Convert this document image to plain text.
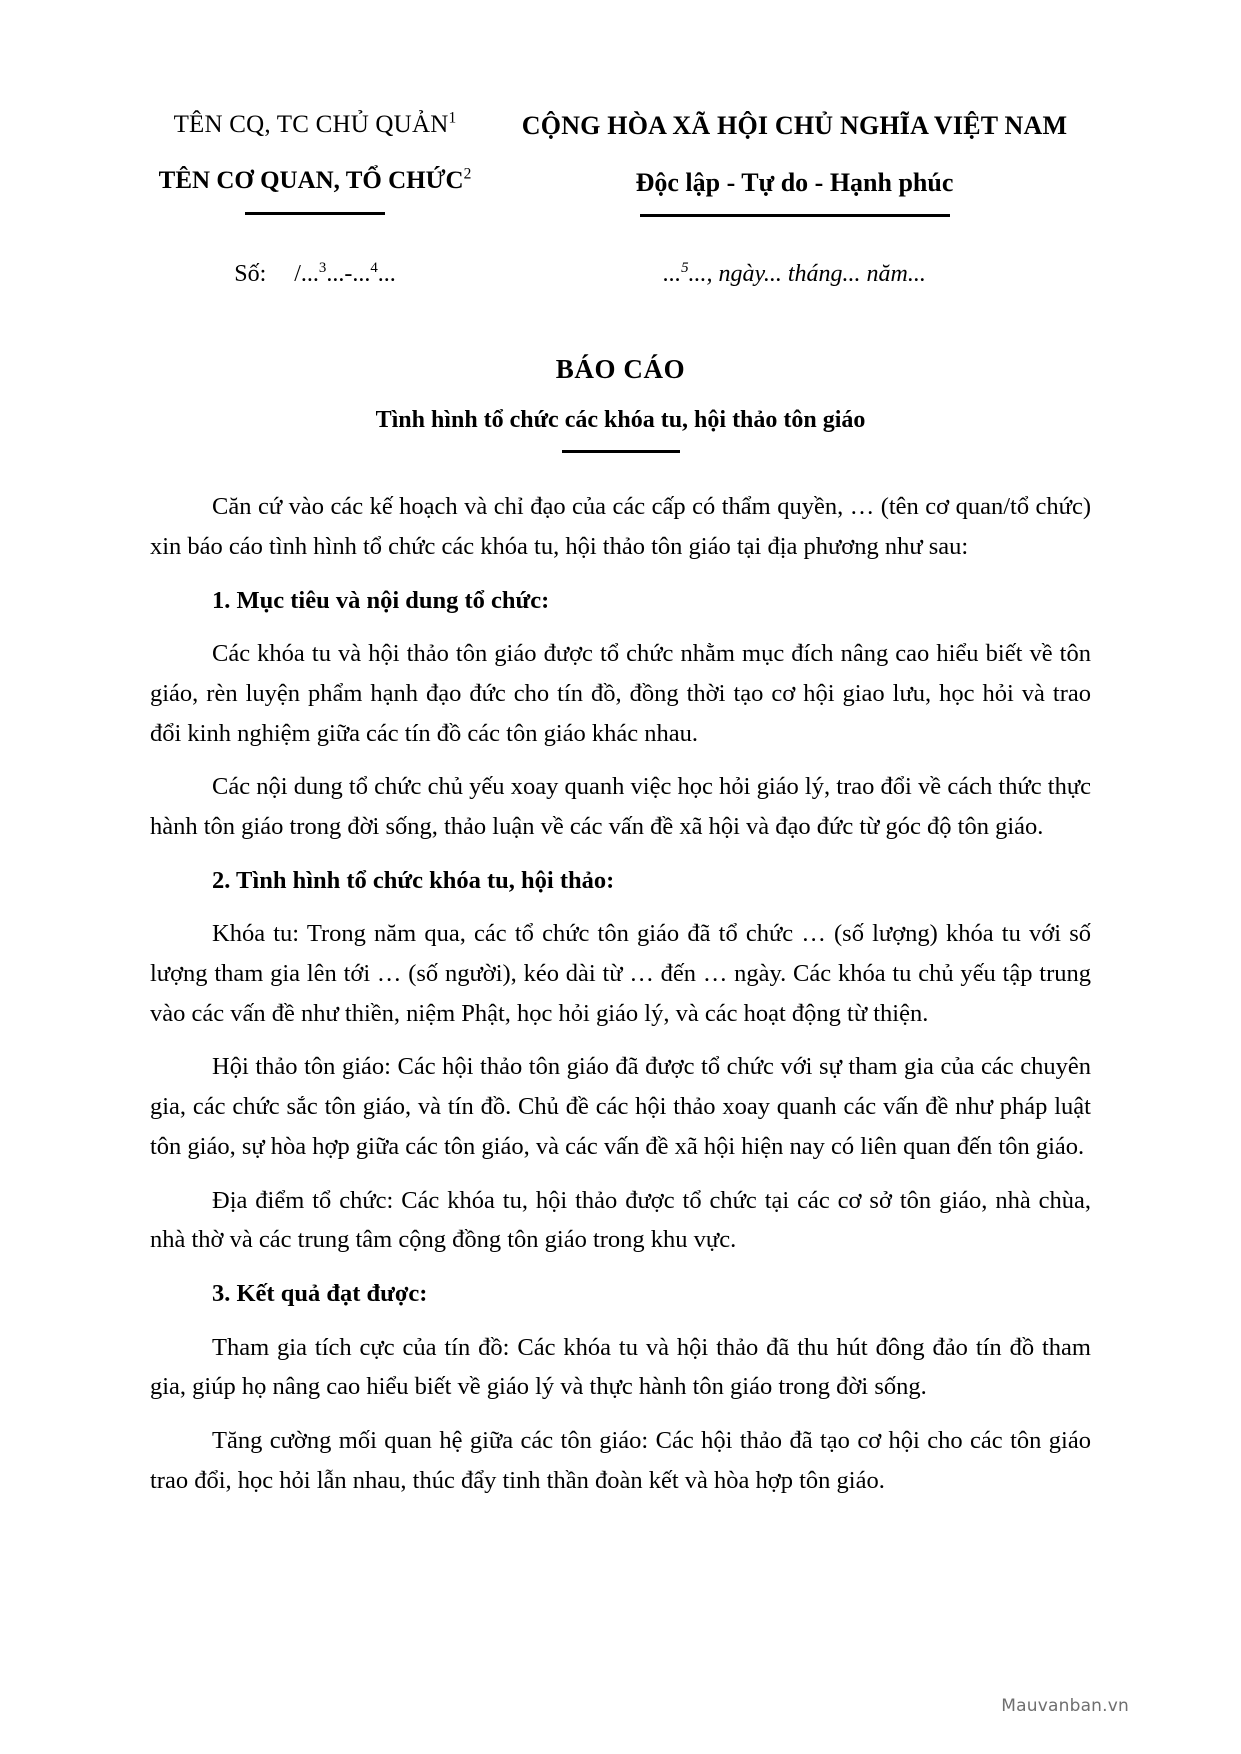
TÊN CQ, TC CHỦ QUẢN$^1$
TÊN CƠ QUAN, TỔ CHỨC$^2$
CỘNG HÒA XÃ HỘI CHỦ NGHĨA VIỆT NAM
Độc lập - Tự do - Hạnh phúc
Số: /...$^3$...-...$^4$...	...$^5$..., ngày... tháng... năm...
BÁO CÁO
Tình hình tổ chức các khóa tu, hội thảo tôn giáo

Căn cứ vào các kế hoạch và chỉ đạo của các cấp có thẩm quyền, … (tên cơ quan/tổ chức) xin báo cáo tình hình tổ chức các khóa tu, hội thảo tôn giáo tại địa phương như sau:

1. Mục tiêu và nội dung tổ chức:

Các khóa tu và hội thảo tôn giáo được tổ chức nhằm mục đích nâng cao hiểu biết về tôn giáo, rèn luyện phẩm hạnh đạo đức cho tín đồ, đồng thời tạo cơ hội giao lưu, học hỏi và trao đổi kinh nghiệm giữa các tín đồ các tôn giáo khác nhau.

Các nội dung tổ chức chủ yếu xoay quanh việc học hỏi giáo lý, trao đổi về cách thức thực hành tôn giáo trong đời sống, thảo luận về các vấn đề xã hội và đạo đức từ góc độ tôn giáo.

2. Tình hình tổ chức khóa tu, hội thảo:

Khóa tu: Trong năm qua, các tổ chức tôn giáo đã tổ chức … (số lượng) khóa tu với số lượng tham gia lên tới … (số người), kéo dài từ … đến … ngày. Các khóa tu chủ yếu tập trung vào các vấn đề như thiền, niệm Phật, học hỏi giáo lý, và các hoạt động từ thiện.

Hội thảo tôn giáo: Các hội thảo tôn giáo đã được tổ chức với sự tham gia của các chuyên gia, các chức sắc tôn giáo, và tín đồ. Chủ đề các hội thảo xoay quanh các vấn đề như pháp luật tôn giáo, sự hòa hợp giữa các tôn giáo, và các vấn đề xã hội hiện nay có liên quan đến tôn giáo.

Địa điểm tổ chức: Các khóa tu, hội thảo được tổ chức tại các cơ sở tôn giáo, nhà chùa, nhà thờ và các trung tâm cộng đồng tôn giáo trong khu vực.

3. Kết quả đạt được:

Tham gia tích cực của tín đồ: Các khóa tu và hội thảo đã thu hút đông đảo tín đồ tham gia, giúp họ nâng cao hiểu biết về giáo lý và thực hành tôn giáo trong đời sống.

Tăng cường mối quan hệ giữa các tôn giáo: Các hội thảo đã tạo cơ hội cho các tôn giáo trao đổi, học hỏi lẫn nhau, thúc đẩy tinh thần đoàn kết và hòa hợp tôn giáo.

Mauvanban.vn
